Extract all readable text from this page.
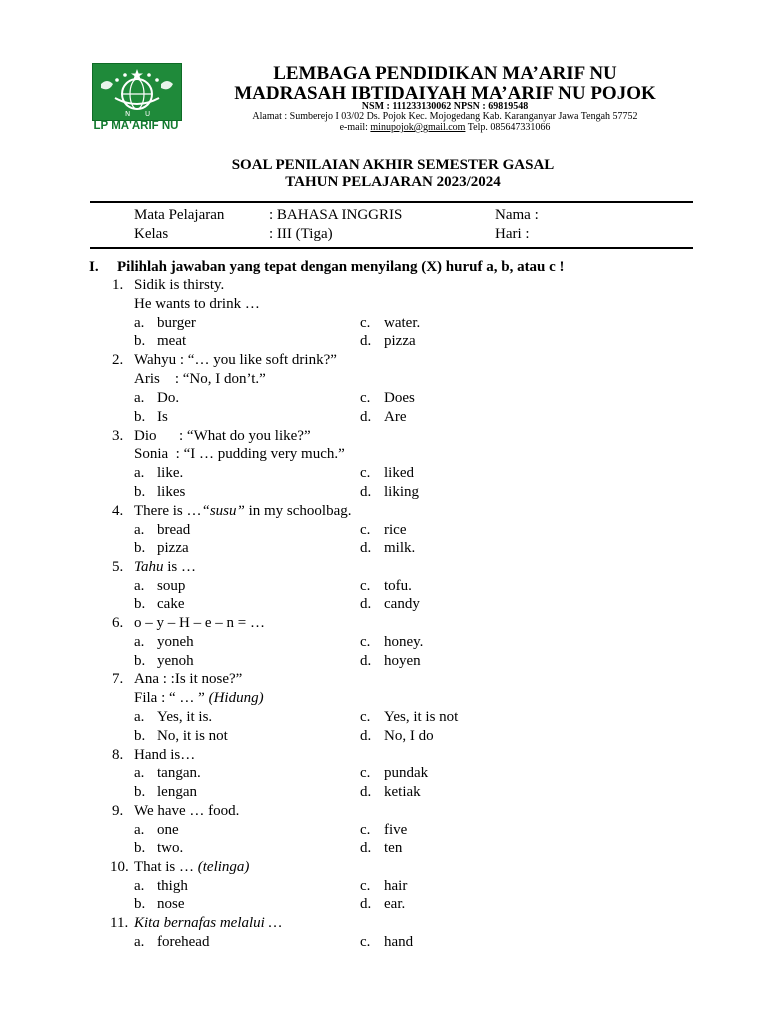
N U
LP MA'ARIF NU
LEMBAGA PENDIDIKAN MA’ARIF NU
MADRASAH IBTIDAIYAH MA’ARIF NU POJOK
NSM : 111233130062 NPSN : 69819548
Alamat : Sumberejo I 03/02 Ds. Pojok Kec. Mojogedang Kab. Karanganyar Jawa Tengah 57752
e-mail: minupojok@gmail.com Telp. 085647331066
SOAL PENILAIAN AKHIR SEMESTER GASAL
TAHUN PELAJARAN 2023/2024
Mata Pelajaran	: BAHASA INGGRIS	Nama :
Kelas	: III (Tiga)	Hari :
I. Pilihlah jawaban yang tepat dengan menyilang (X) huruf a, b, atau c !
1. Sidik is thirsty.
He wants to drink …
a. burger	c. water.
b. meat	d. pizza
2. Wahyu : “… you like soft drink?”
Aris    : “No, I don’t.”
a. Do.	c. Does
b. Is	d. Are
3. Dio      : “What do you like?”
Sonia  : “I … pudding very much.”
a. like.	c. liked
b. likes	d. liking
4. There is …“susu” in my schoolbag.
a. bread	c. rice
b. pizza	d. milk.
5. Tahu is …
a. soup	c. tofu.
b. cake	d. candy
6. o – y – H – e – n = …
a. yoneh	c. honey.
b. yenoh	d. hoyen
7. Ana : :Is it nose?”
Fila : “ … ” (Hidung)
a. Yes, it is.	c. Yes, it is not
b. No, it is not	d. No, I do
8. Hand is…
a. tangan.	c. pundak
b. lengan	d. ketiak
9. We have … food.
a. one	c. five
b. two.	d. ten
10. That is … (telinga)
a. thigh	c. hair
b. nose	d. ear.
11. Kita bernafas melalui …
a. forehead	c. hand
